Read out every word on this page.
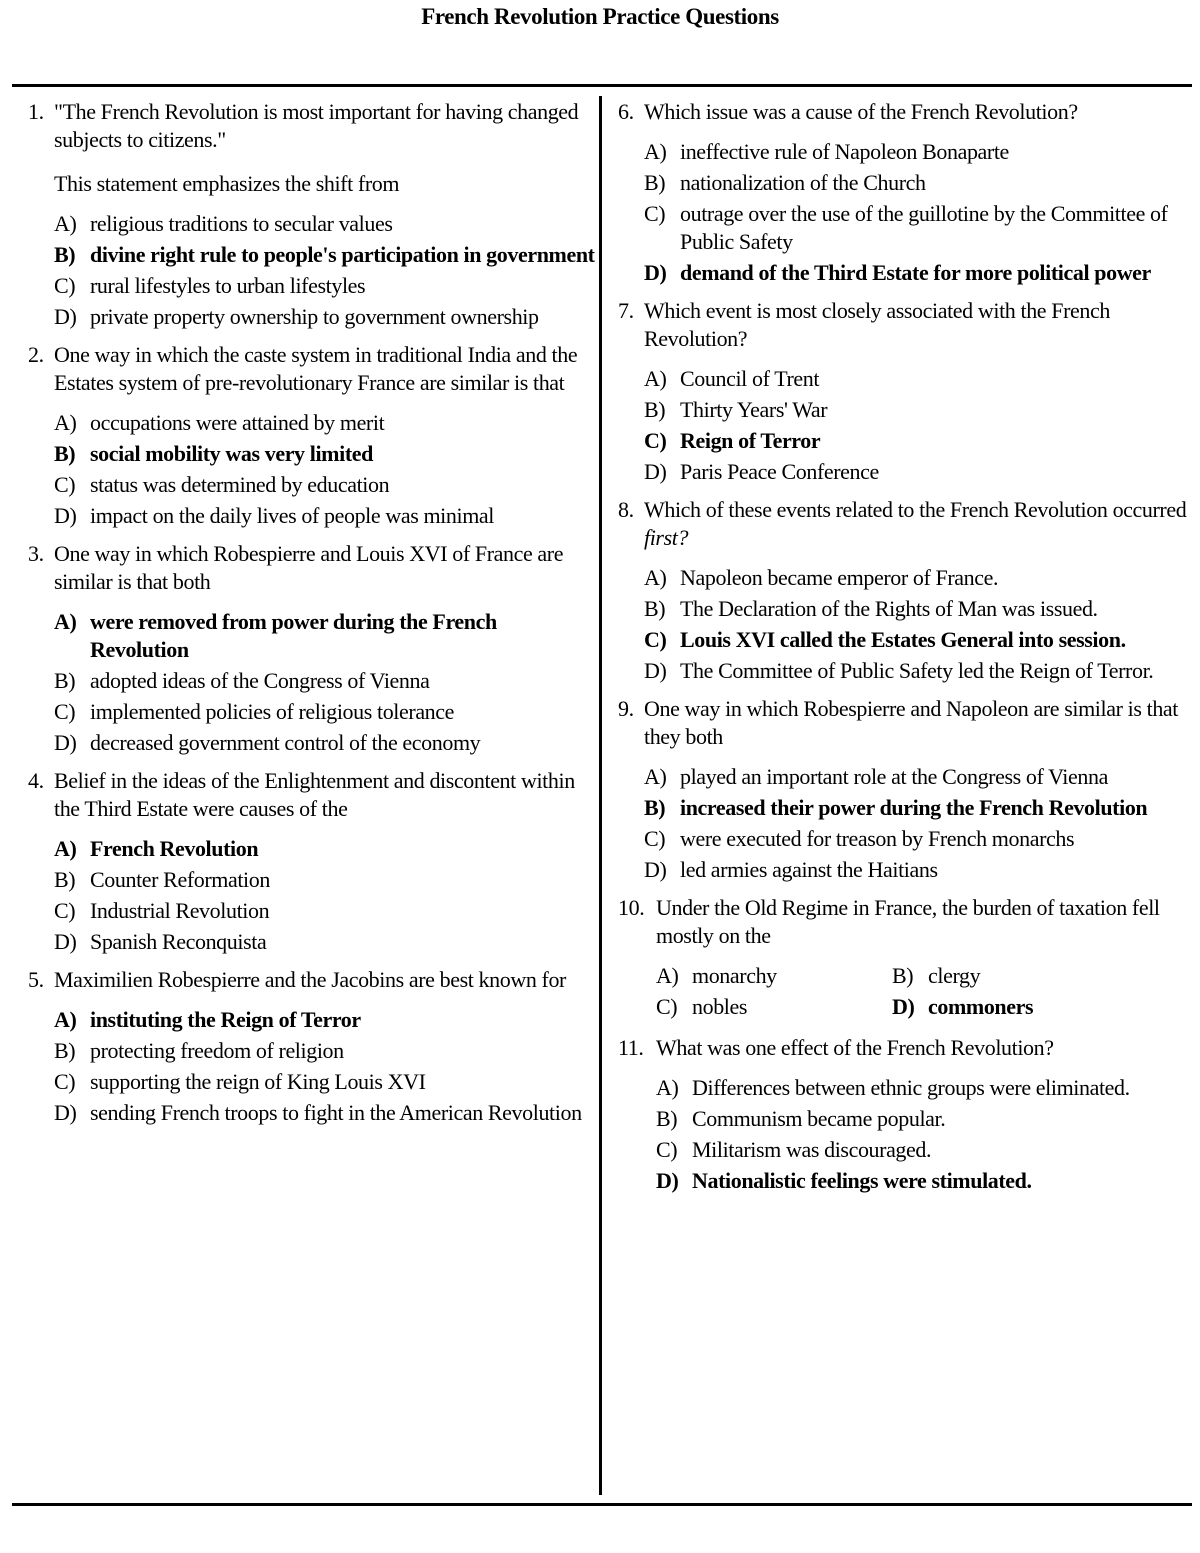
French Revolution Practice Questions
1. "The French Revolution is most important for having changed subjects to citizens."
This statement emphasizes the shift from
A) religious traditions to secular values
B) divine right rule to people's participation in government
C) rural lifestyles to urban lifestyles
D) private property ownership to government ownership
2. One way in which the caste system in traditional India and the Estates system of pre-revolutionary France are similar is that
A) occupations were attained by merit
B) social mobility was very limited
C) status was determined by education
D) impact on the daily lives of people was minimal
3. One way in which Robespierre and Louis XVI of France are similar is that both
A) were removed from power during the French Revolution
B) adopted ideas of the Congress of Vienna
C) implemented policies of religious tolerance
D) decreased government control of the economy
4. Belief in the ideas of the Enlightenment and discontent within the Third Estate were causes of the
A) French Revolution
B) Counter Reformation
C) Industrial Revolution
D) Spanish Reconquista
5. Maximilien Robespierre and the Jacobins are best known for
A) instituting the Reign of Terror
B) protecting freedom of religion
C) supporting the reign of King Louis XVI
D) sending French troops to fight in the American Revolution
6. Which issue was a cause of the French Revolution?
A) ineffective rule of Napoleon Bonaparte
B) nationalization of the Church
C) outrage over the use of the guillotine by the Committee of Public Safety
D) demand of the Third Estate for more political power
7. Which event is most closely associated with the French Revolution?
A) Council of Trent
B) Thirty Years' War
C) Reign of Terror
D) Paris Peace Conference
8. Which of these events related to the French Revolution occurred first?
A) Napoleon became emperor of France.
B) The Declaration of the Rights of Man was issued.
C) Louis XVI called the Estates General into session.
D) The Committee of Public Safety led the Reign of Terror.
9. One way in which Robespierre and Napoleon are similar is that they both
A) played an important role at the Congress of Vienna
B) increased their power during the French Revolution
C) were executed for treason by French monarchs
D) led armies against the Haitians
10. Under the Old Regime in France, the burden of taxation fell mostly on the
A) monarchy	B) clergy
C) nobles	D) commoners
11. What was one effect of the French Revolution?
A) Differences between ethnic groups were eliminated.
B) Communism became popular.
C) Militarism was discouraged.
D) Nationalistic feelings were stimulated.
